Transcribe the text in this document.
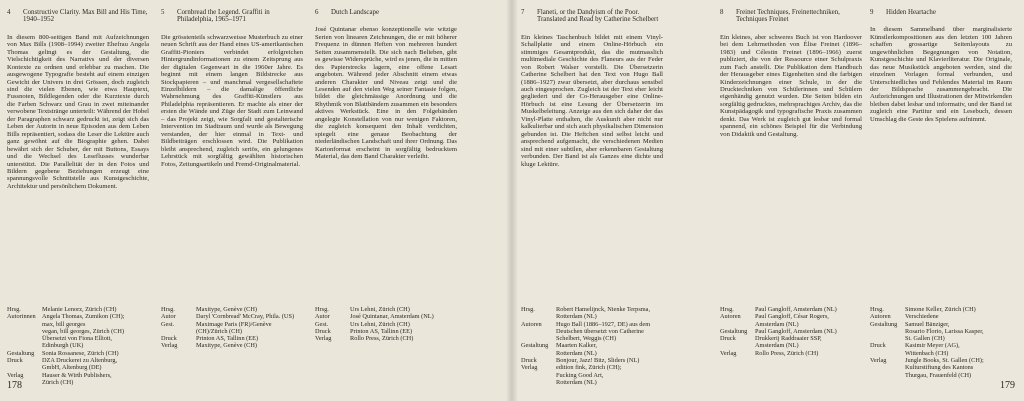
4	Constructive Clarity. Max Bill and His Time, 1940–1952
In diesem 800-seitigen Band mit Aufzeichnungen von Max Bills (1908–1994) zweiter Ehefrau Angela Thomas gelingt es der Gestaltung, die Vielschichtigkeit des Narrativs und der diversen Kontexte zu ordnen und erlebbar zu machen. Die ausgewogene Typografie besteht auf einem einzigen Gewicht der Univers in drei Grössen, doch zugleich sind die vielen Ebenen, wie etwa Hauptext, Fussnoten, Bildlegenden oder die Kurztexte durch die Farben Schwarz und Grau in zwei miteinander verwobene Textstränge unterteilt: Während der Hobel der Paragraphen schwarz gedruckt ist, zeigt sich das Leben der Autorin in neue Episoden aus dem Leben Bills repräsentiert, sodass die Leser die Lektüre auch ganz gewöhnt auf die Biographie gehen. Dabei bewährt sich der Schuber, der mit Buttons, Essays und die Wechsel des Leseflusses wunderbar unterstützt. Die Parallelität der in den Fotos und Bildern gegebene Beziehungen erzeugt eine spannungsvolle Schnittstelle aus Kunstgeschichte, Architektur und persönlichem Dokument.
Hrsg.	Melanie Lenorz, Zürich (CH)
Autorinnen	Angela Thomas, Zumikon (CH);
max, bill georges
vegan, bill georges, Zürich (CH)
Übersetzt von Fiona Elliott,
Edinburgh (UK)
Gestaltung	Sonia Rossanese, Zürich (CH)
Druck	DZA Druckerei zu Altenburg,
GmbH, Altenburg (DE)
Verlag	Hauser & Wirth Publishers,
Zürich (CH)
5	Cornbread the Legend. Graffiti in Philadelphia, 1965–1971
Die grösstenteils schwarzweisse Musterbuch zu einer neuen Schrift aus der Hand eines US-amerikanischen Graffiti-Pioniers verbindet erfolgreichen Hintergrundinformationen zu einem Zeitsprung aus der digitalen Gegenwart in die 1960er Jahre. Es beginnt mit einem langen Bildstrecke aus Stockpapieren – und manchmal vergesellschaftete Einzelbildern – die damalige öffentliche Wahrnehmung des Graffiti-Künstlers aus Philadelphia repräsentieren. Er machte als einer der ersten die Wände und Züge der Stadt zum Leinwand – das Projekt zeigt, wie Sorgfalt und gestalterische Intervention im Stadtraum und wurde als Bewegung verstanden, der hier einmal in Text- und Bildbeiträgen erschlossen wird. Die Publikation bleibt ansprechend, zugleich seriös, ein gelungenes Lehrstück mit sorgfältig gewählten historischen Fotos, Zeitungsartikeln und Fremd-Originalmaterial.
Hrsg.	Maxitype, Genève (CH)
Autor	Daryl 'Cornbread' McCray, Phila. (US)
Gest.	Maximage Paris (FR)/Genève
(CH)/Zürich (CH)
Druck	Printon AS, Tallinn (EE)
Verlag	Maxitype, Genève (CH)
6	Dutch Landscape
José Quintanar ebenso konzeptionelle wie witzige Serien von linearen Zeichnungen, die er mit höherer Frequenz in dünnen Heften von mehreren hundert Seiten zusammenstellt. Die sich nach Belieben, gibt es gewisse Widersprüche, wird es jenen, die in mitten des Papierstrecks lagern, eine offene Lesart angeboten. Während jeder Abschnitt einem etwas anderen Charakter und Niveau zeigt und die Lesenden auf den vielen Weg seiner Fantasie folgen, bildet die gleichmässige Anordnung und die Rhythmik von Blattbändern zusammen ein besonders aktives Werkstück. Eine in den Folgebänden angelegte Konstellation von nur wenigen Faktoren, die zugleich konsequent den Inhalt verdichten, spiegelt eine genaue Beobachtung der niederländischen Landschaft und ihrer Ordnung. Das Kartonformat erscheint in sorgfältig bedrucktem Material, das dem Band Charakter verleiht.
Hrsg.	Urs Lehni, Zürich (CH)
Autor	José Quintanar, Amsterdam (NL)
Gest.	Urs Lehni, Zürich (CH)
Druck	Printon AS, Tallinn (EE)
Verlag	Rollo Press, Zürich (CH)
178
7	Flaneti, or the Dandyism of the Poor. Translated and Read by Catherine Schelbert
Ein kleines Taschenbuch bildet mit einem Vinyl-Schallplatte und einem Online-Hörbuch ein stimmiges Gesamtprodukt, das die mutmasslich multimediale Geschichte des Flaneurs aus der Feder von Robert Walser vorstellt. Die Übersetzerin Catherine Schelbert hat den Text von Hugo Ball (1886–1927) zwar übersetzt, aber durchaus sensibel auch eingesprochen. Zugleich ist der Text eher leicht gegliedert und der Co-Herausgeber eine Online-Hörbuch ist eine Lesung der Übersetzerin im Muskelbeleitung. Anzeige aus den sich daher der das Vinyl-Platte enthalten, die Auskunft aber nicht nur kalkulierbar und sich auch physikalischen Dimension gebunden ist. Die Heftchen sind selbst leicht und ansprechend aufgemacht, die verschiedenen Medien sind mit einer subtilen, aber erkennbaren Gestaltung verbunden. Der Band ist als Ganzes eine dichte und kluge Lektüre.
Hrsg.	Robert Hamelijnck, Nienke Terpsma, Rotterdam (NL)
Autoren	Hugo Ball (1886–1927, DE) aus dem Deutschen übersetzt von Catherine Schelbert, Weggis (CH)
Gestaltung	Maarten Kalker,
Rotterdam (NL)
Druck	Bonjour, Jazz! Bitz, Sliders (NL)
Verlag	edition fink, Zürich (CH);
Fucking Good Art,
Rotterdam (NL)
8	Freinet Techniques, Freinettechniken, Techniques Freinet
Ein kleines, aber schweres Buch ist von Hardoover bei dem Lehrmethoden von Élise Freinet (1896–1983) und Célestin Freinet (1896–1966) zuerst publiziert, die von der Ressource einer Schulpraxis zum Fach anstellt. Die Publikation dem Handbuch der Herausgeber eines Eigenheiten sind die farbigen Kinderzeichnungen einer Schule, in der die Drucktechniken von Schülerinnen und Schülern eigenhändig genutzt wurden. Die Seiten bilden ein sorgfältig gedrucktes, mehrsprachiges Archiv, das die Kunstpädagogik und typografische Praxis zusammen denkt. Das Werk ist zugleich gut lesbar und formal spannend, ein schönes Beispiel für die Verbindung von Didaktik und Gestaltung.
Hrsg.	Paul Gangloff, Amsterdam (NL)
Autoren	Paul Gangloff, César Rogers,
Amsterdam (NL)
Gestaltung	Paul Gangloff, Amsterdam (NL)
Druck	Drukkerij Raddraaier SSP,
Amsterdam (NL)
Verlag	Rollo Press, Zürich (CH)
9	Hidden Heartache
In diesem Sammelband über marginalisierte Künstlerkompositionen aus den letzten 100 Jahren schaffen grossartige Seitenlayouts zu ungewöhnlichen Begegnungen von Notation, Kunstgeschichte und Klavierliteratur. Die Originale, das neue Musikstück angeboten werden, sind die einzelnen Vorlagen formal verbunden, und Unterschiedliches und Fehlendes Material im Raum der Bildsprache zusammengebracht. Die Aufzeichnungen und Illustrationen der Mitwirkenden bleiben dabei lesbar und informativ, und der Band ist zugleich eine Partitur und ein Lesebuch, dessen Umschlag die Geste des Spielens aufnimmt.
Hrsg.	Simone Keller, Zürich (CH)
Autoren	Verschiedene
Gestaltung	Samuel Bänziger,
Rosario Florio, Larissa Kasper,
St. Gallen (CH)
Druck	Kasimir Meyer (AG),
Wittenbach (CH)
Verlag	Jungle Books, St. Gallen (CH);
Kulturstiftung des Kantons
Thurgau, Frauenfeld (CH)
179
